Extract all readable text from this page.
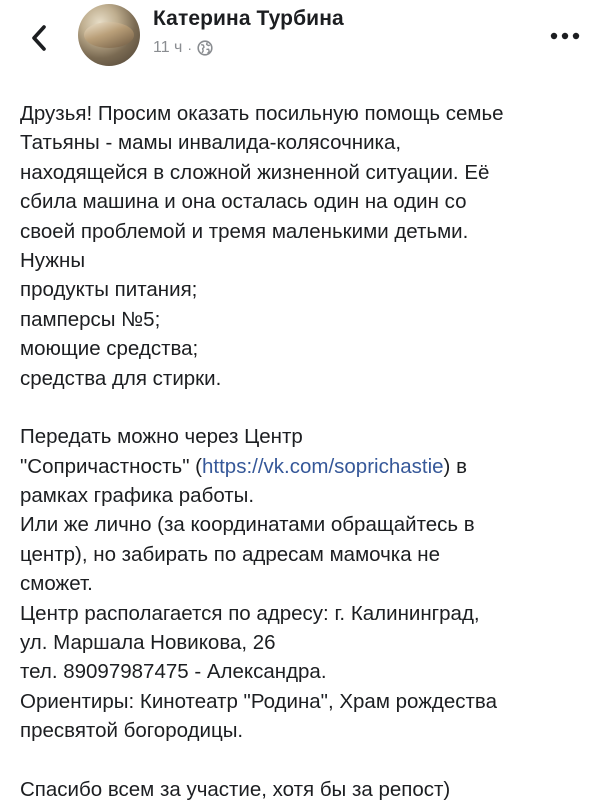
Катерина Турбина
11 ч ·
Друзья! Просим оказать посильную помощь семье
Татьяны - мамы инвалида-колясочника,
находящейся в сложной жизненной ситуации. Её
сбила машина и она осталась один на один со
своей проблемой и тремя маленькими детьми.
Нужны
продукты питания;
памперсы №5;
моющие средства;
средства для стирки.
Передать можно через Центр
"Сопричастность" (https://vk.com/soprichastie) в
рамках графика работы.
Или же лично (за координатами обращайтесь в
центр), но забирать по адресам мамочка не
сможет.
Центр располагается по адресу: г. Калининград,
ул. Маршала Новикова, 26
тел. 89097987475 - Александра.
Ориентиры: Кинотеатр "Родина", Храм рождества
пресвятой богородицы.
Спасибо всем за участие, хотя бы за репост)
